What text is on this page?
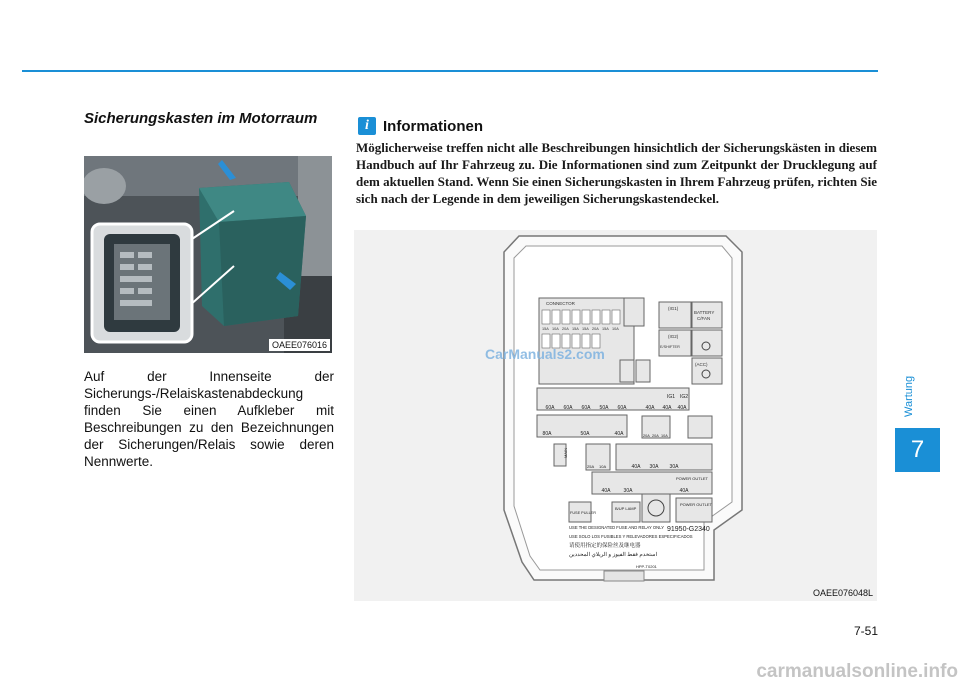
Sicherungskasten im Motorraum
OAEE076016
Auf der Innenseite der Sicherungs-/Relaiskastenabdeckung finden Sie einen Aufkleber mit Beschreibungen zu den Bezeichnungen der Sicherungen/Relais sowie deren Nennwerte.
i Informationen
Möglicherweise treffen nicht alle Beschreibungen hinsichtlich der Sicherungskästen in diesem Handbuch auf Ihr Fahrzeug zu. Die Informationen sind zum Zeitpunkt der Drucklegung auf dem aktuellen Stand. Wenn Sie einen Sicherungskasten in Ihrem Fahrzeug prüfen, richten Sie sich nach der Legende in dem jeweiligen Sicherungskastendeckel.
CONNECTOR
15A 10A 20A 15A 15A 20A 15A 10A
(IG1)
BATTERY
C/FAN
(IG2)
E/SHIFTER
(ACC)
60A 60A 60A 50A 60A	40A 40A 40A
IG1 IG2
80A	50A	40A	20A 20A 10A
MAIN
25A 10A	40A 30A 30A
40A	30A	40A
POWER OUTLET
FUSE PULLER
B/UP LAMP
POWER OUTLET
91950-G2340
USE THE DESIGNATED FUSE AND RELAY ONLY
USE SOLO LOS FUSIBLES Y RELEVADORES ESPECIFICADOS
请使用指定的保险丝及继电器
استخدم فقط الفيوز و الريلاي المحددين
HPP-T0201
OAEE076048L
CarManuals2.com
Wartung
7
7-51
carmanualsonline.info
